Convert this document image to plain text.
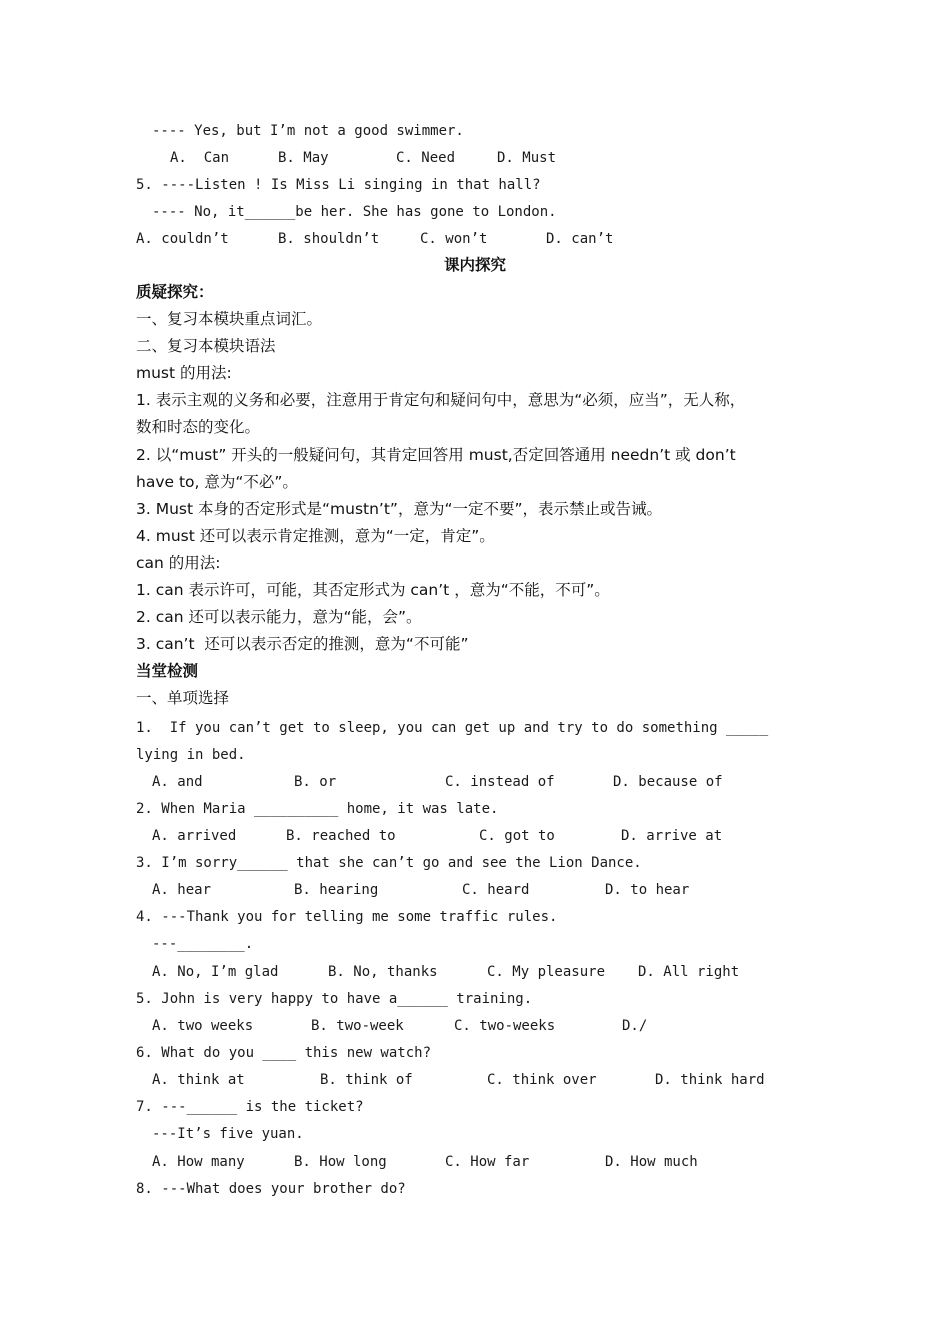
---- Yes, but I’m not a good swimmer.
A.  Can	B. May	C. Need	D. Must
5. ----Listen ! Is Miss Li singing in that hall?
---- No, it______be her. She has gone to London.
A. couldn’t	B. shouldn’t	C. won’t	D. can’t
课内探究
质疑探究：
一、复习本模块重点词汇。
二、复习本模块语法
must 的用法:
1. 表示主观的义务和必要，注意用于肯定句和疑问句中，意思为“必须，应当”，无人称，
数和时态的变化。
2. 以“must” 开头的一般疑问句，其肯定回答用 must,否定回答通用 needn’t 或 don’t
have to, 意为“不必”。
3. Must 本身的否定形式是“mustn’t”，意为“一定不要”，表示禁止或告诫。
4. must 还可以表示肯定推测，意为“一定，肯定”。
can 的用法:
1. can 表示许可，可能，其否定形式为 can’t ，意为“不能，不可”。
2. can 还可以表示能力，意为“能，会”。
3. can’t  还可以表示否定的推测，意为“不可能”
当堂检测
一、单项选择
1.  If you can’t get to sleep, you can get up and try to do something _____
lying in bed.
A. and	B. or	C. instead of	D. because of
2. When Maria __________ home, it was late.
A. arrived	B. reached to	C. got to	D. arrive at
3. I’m sorry______ that she can’t go and see the Lion Dance.
A. hear	B. hearing	C. heard	D. to hear
4. ---Thank you for telling me some traffic rules.
---________.
A. No, I’m glad	B. No, thanks	C. My pleasure D. All right
5. John is very happy to have a______ training.
A. two weeks	B. two-week	C. two-weeks	D./
6. What do you ____ this new watch?
A. think at	B. think of	C. think over	D. think hard
7. ---______ is the ticket?
---It’s five yuan.
A. How many	B. How long	C. How far	D. How much
8. ---What does your brother do?
